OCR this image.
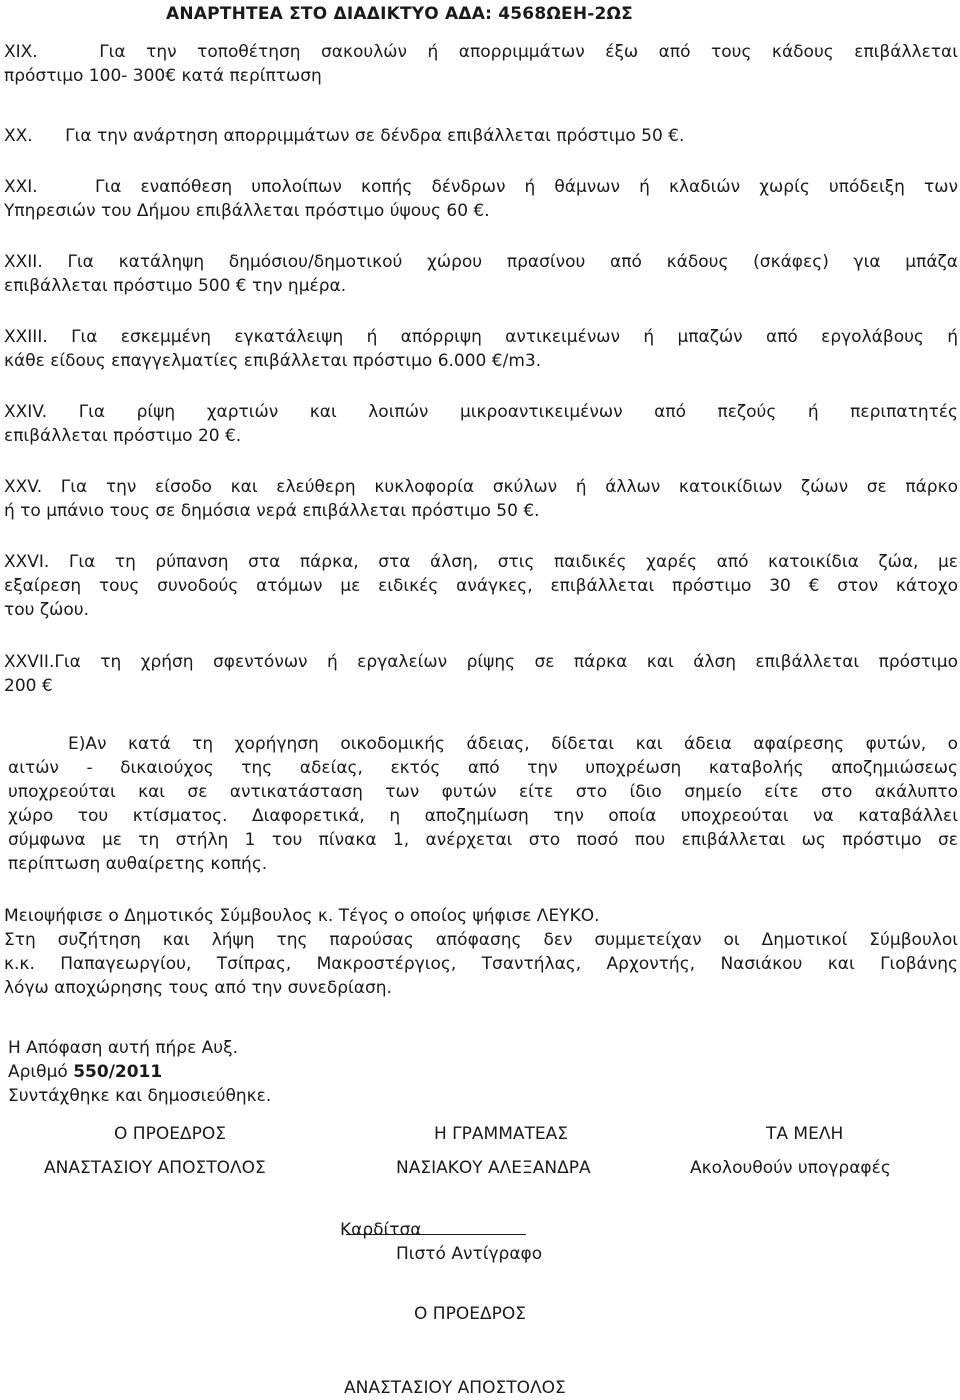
ΑΝΑΡΤΗΤΕΑ ΣΤΟ ΔΙΑΔΙΚΤΥΟ ΑΔΑ: 4568ΩΕΗ-2ΩΣ

XIX.	Για την τοποθέτηση σακουλών ή απορριμμάτων έξω από τους κάδους επιβάλλεται

πρόστιμο 100- 300€ κατά περίπτωση

XX. Για την ανάρτηση απορριμμάτων σε δένδρα επιβάλλεται πρόστιμο 50 €.

XXI.	Για εναπόθεση υπολοίπων κοπής δένδρων ή θάμνων ή κλαδιών χωρίς υπόδειξη των

Υπηρεσιών του Δήμου επιβάλλεται πρόστιμο ύψους 60 €.

XXII. Για κατάληψη δημόσιου/δημοτικού χώρου πρασίνου από κάδους (σκάφες) για μπάζα

επιβάλλεται πρόστιμο 500 € την ημέρα.

XXIII. Για εσκεμμένη εγκατάλειψη ή απόρριψη αντικειμένων ή μπαζών από εργολάβους ή

κάθε είδους επαγγελματίες επιβάλλεται πρόστιμο 6.000 €/m3.

XXIV. Για ρίψη χαρτιών και λοιπών μικροαντικειμένων από πεζούς ή περιπατητές

επιβάλλεται πρόστιμο 20 €.

XXV. Για την είσοδο και ελεύθερη κυκλοφορία σκύλων ή άλλων κατοικίδιων ζώων σε πάρκο

ή το μπάνιο τους σε δημόσια νερά επιβάλλεται πρόστιμο 50 €.

XXVI. Για τη ρύπανση στα πάρκα, στα άλση, στις παιδικές χαρές από κατοικίδια ζώα, με

εξαίρεση τους συνοδούς ατόμων με ειδικές ανάγκες, επιβάλλεται πρόστιμο 30 € στον κάτοχο

του ζώου.

XXVII.Για τη χρήση σφεντόνων ή εργαλείων ρίψης σε πάρκα και άλση επιβάλλεται πρόστιμο

200 €

Ε)Αν κατά τη χορήγηση οικοδομικής άδειας, δίδεται και άδεια αφαίρεσης φυτών, ο

αιτών - δικαιούχος της αδείας, εκτός από την υποχρέωση καταβολής αποζημιώσεως

υποχρεούται και σε αντικατάσταση των φυτών είτε στο ίδιο σημείο είτε στο ακάλυπτο

χώρο του κτίσματος. Διαφορετικά, η αποζημίωση την οποία υποχρεούται να καταβάλλει

σύμφωνα με τη στήλη 1 του πίνακα 1, ανέρχεται στο ποσό που επιβάλλεται ως πρόστιμο σε

περίπτωση αυθαίρετης κοπής.

Μειοψήφισε ο Δημοτικός Σύμβουλος κ. Τέγος ο οποίος ψήφισε ΛΕΥΚΟ.

Στη συζήτηση και λήψη της παρούσας απόφασης δεν συμμετείχαν οι Δημοτικοί Σύμβουλοι

κ.κ. Παπαγεωργίου, Τσίπρας, Μακροστέργιος, Τσαντήλας, Αρχοντής, Νασιάκου και Γιοβάνης

λόγω αποχώρησης τους από την συνεδρίαση.

Η Απόφαση αυτή πήρε Αυξ.

Αριθμό 550/2011

Συντάχθηκε και δημοσιεύθηκε.

Ο ΠΡΟΕΔΡΟΣ	Η ΓΡΑΜΜΑΤΕΑΣ	ΤΑ ΜΕΛΗ
ΑΝΑΣΤΑΣΙΟΥ ΑΠΟΣΤΟΛΟΣ	ΝΑΣΙΑΚΟΥ ΑΛΕΞΑΝΔΡΑ	Ακολουθούν υπογραφές
Καρδίτσα
Πιστό Αντίγραφο
Ο ΠΡΟΕΔΡΟΣ
ΑΝΑΣΤΑΣΙΟΥ ΑΠΟΣΤΟΛΟΣ
